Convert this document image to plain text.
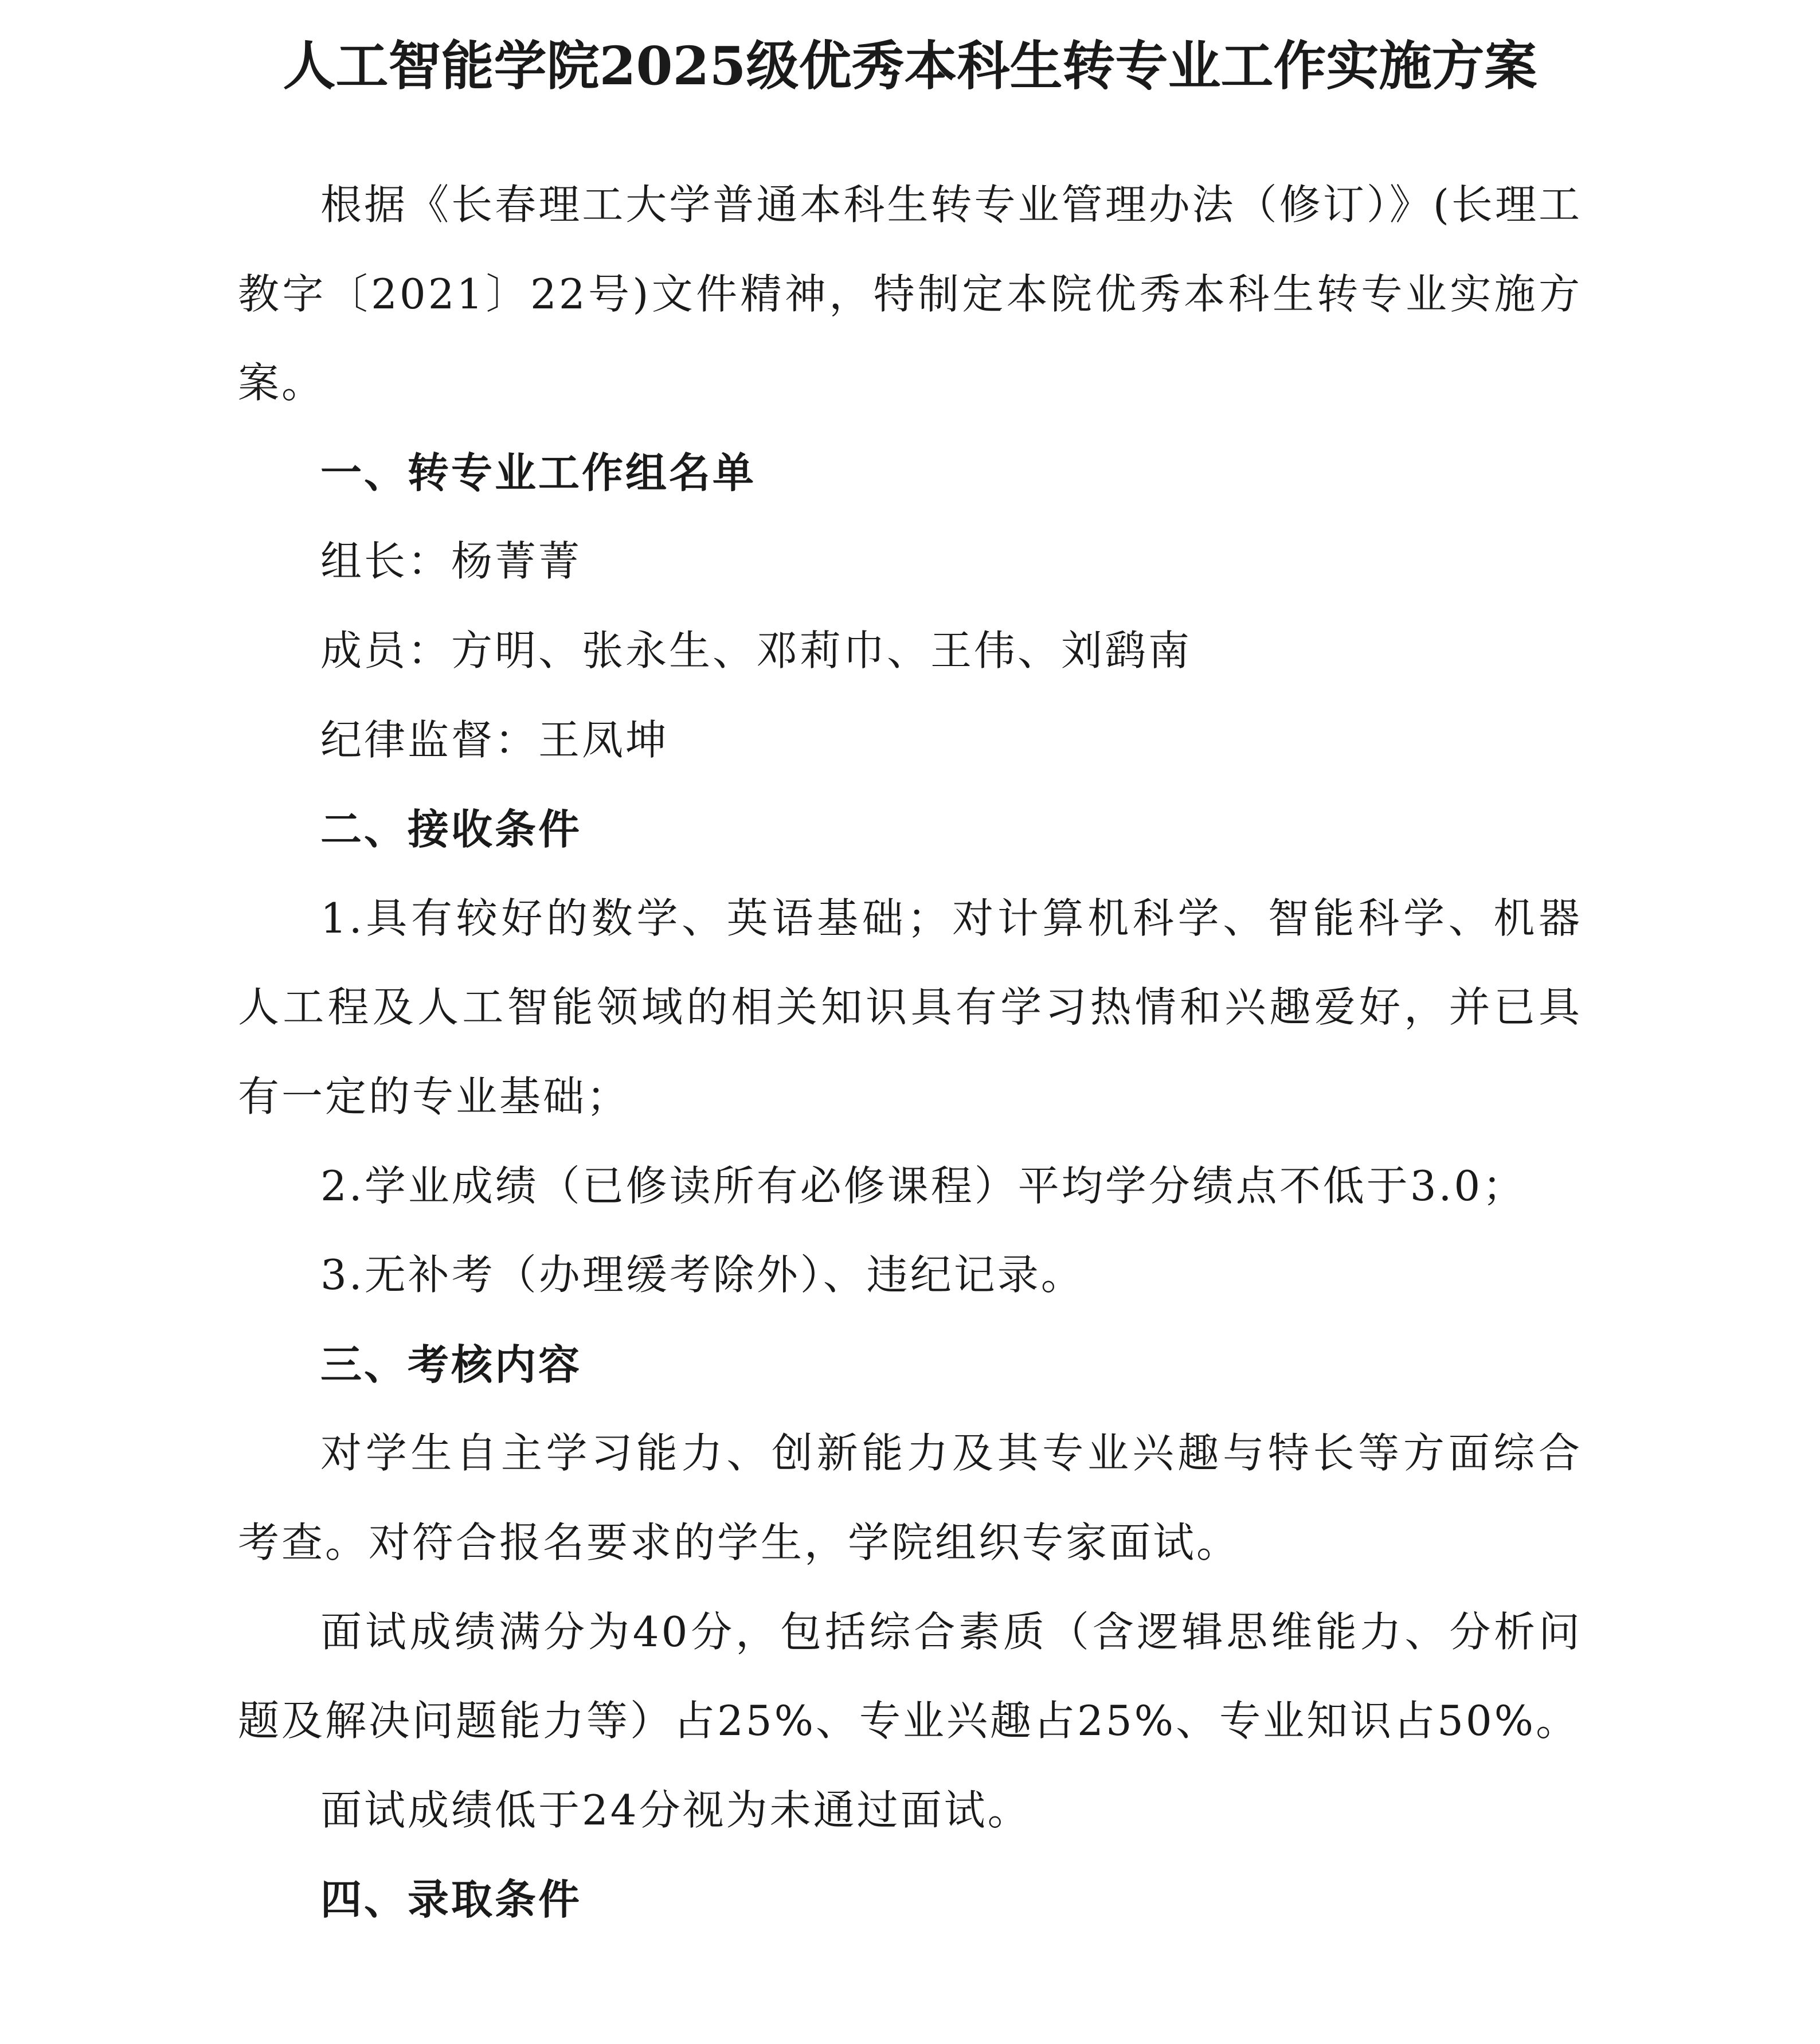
人工智能学院2025级优秀本科生转专业工作实施方案

根据《长春理工大学普通本科生转专业管理办法（修订）》(长理工教字〔2021〕22号)文件精神，特制定本院优秀本科生转专业实施方案。

一、转专业工作组名单

组长：杨菁菁

成员：方明、张永生、邓莉巾、王伟、刘鹞南

纪律监督：王凤坤

二、接收条件

1.具有较好的数学、英语基础；对计算机科学、智能科学、机器人工程及人工智能领域的相关知识具有学习热情和兴趣爱好，并已具有一定的专业基础；

2.学业成绩（已修读所有必修课程）平均学分绩点不低于3.0；

3.无补考（办理缓考除外）、违纪记录。

三、考核内容

对学生自主学习能力、创新能力及其专业兴趣与特长等方面综合考查。对符合报名要求的学生，学院组织专家面试。

面试成绩满分为40分，包括综合素质（含逻辑思维能力、分析问题及解决问题能力等）占25%、专业兴趣占25%、专业知识占50%。

面试成绩低于24分视为未通过面试。

四、录取条件
